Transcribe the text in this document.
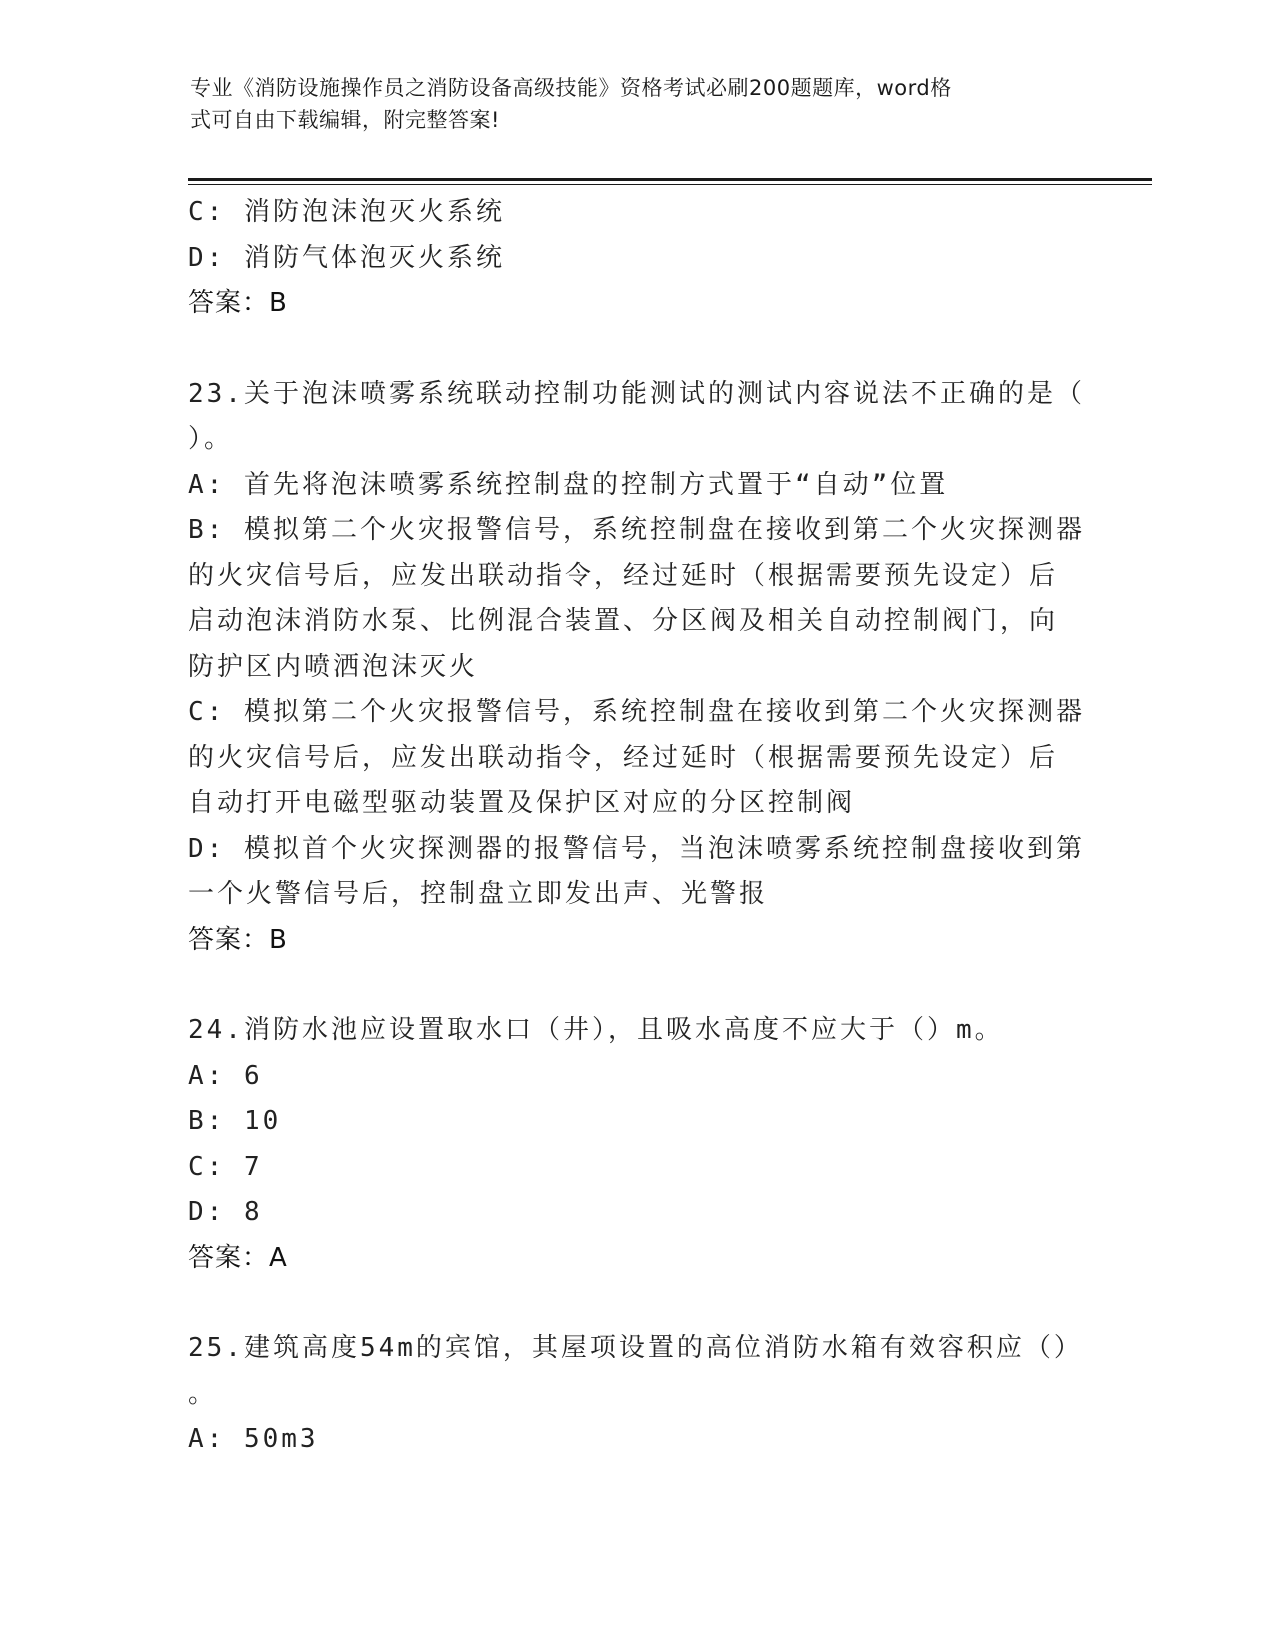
专业《消防设施操作员之消防设备高级技能》资格考试必刷200题题库，word格
式可自由下载编辑，附完整答案!
C: 消防泡沫泡灭火系统
D: 消防气体泡灭火系统
答案：B
23.关于泡沫喷雾系统联动控制功能测试的测试内容说法不正确的是（
）。
A: 首先将泡沫喷雾系统控制盘的控制方式置于“自动”位置
B: 模拟第二个火灾报警信号，系统控制盘在接收到第二个火灾探测器
的火灾信号后，应发出联动指令，经过延时（根据需要预先设定）后
启动泡沫消防水泵、比例混合装置、分区阀及相关自动控制阀门，向
防护区内喷洒泡沫灭火
C: 模拟第二个火灾报警信号，系统控制盘在接收到第二个火灾探测器
的火灾信号后，应发出联动指令，经过延时（根据需要预先设定）后
自动打开电磁型驱动装置及保护区对应的分区控制阀
D: 模拟首个火灾探测器的报警信号，当泡沫喷雾系统控制盘接收到第
一个火警信号后，控制盘立即发出声、光警报
答案：B
24.消防水池应设置取水口（井），且吸水高度不应大于（）m。
A: 6
B: 10
C: 7
D: 8
答案：A
25.建筑高度54m的宾馆，其屋项设置的高位消防水箱有效容积应（）
。
A: 50m3
